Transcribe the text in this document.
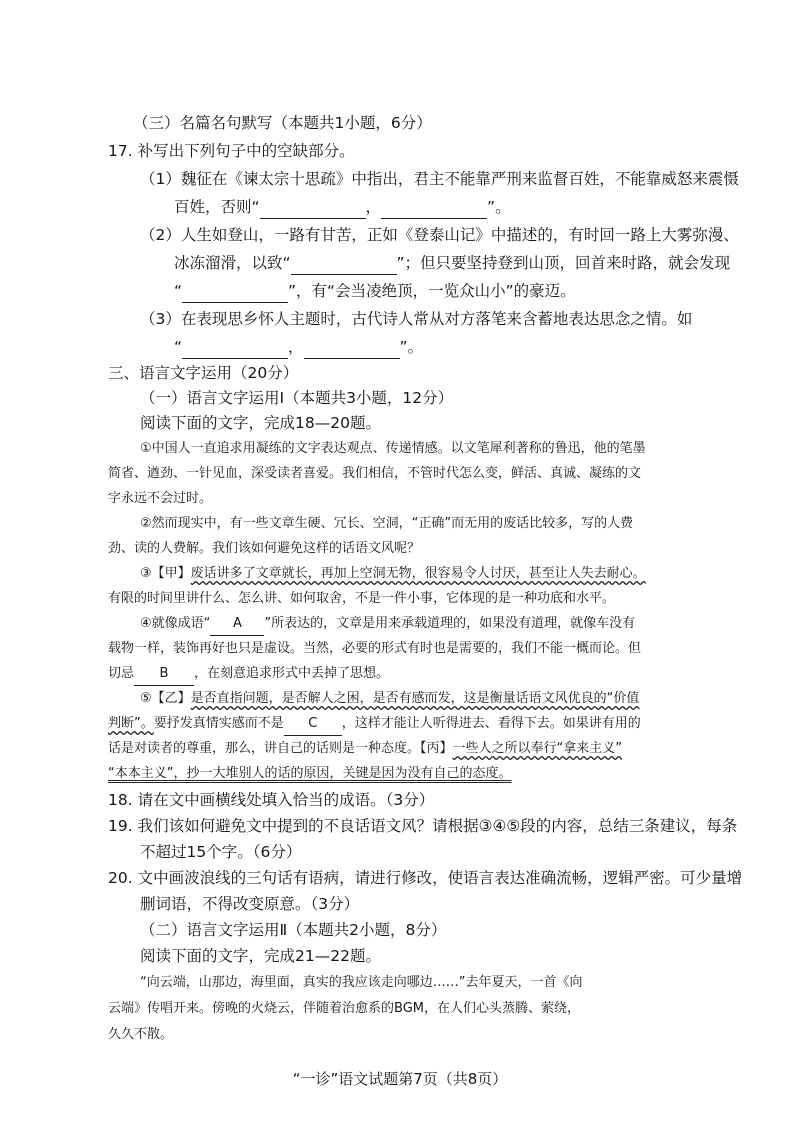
（三）名篇名句默写（本题共1小题，6分）
17. 补写出下列句子中的空缺部分。
（1）魏征在《谏太宗十思疏》中指出，君主不能靠严刑来监督百姓，不能靠威怒来震慑
百姓，否则“	，	”。
（2）人生如登山，一路有甘苦，正如《登泰山记》中描述的，有时回一路上大雾弥漫、
冰冻溜滑，以致“	”；但只要坚持登到山顶，回首来时路，就会发现
“	”，有“会当凌绝顶，一览众山小”的豪迈。
（3）在表现思乡怀人主题时，古代诗人常从对方落笔来含蓄地表达思念之情。如
“	，	”。
三、语言文字运用（20分）
（一）语言文字运用Ⅰ（本题共3小题，12分）
阅读下面的文字，完成18—20题。
①中国人一直追求用凝练的文字表达观点、传递情感。以文笔犀利著称的鲁迅，他的笔墨
简省、遒劲、一针见血，深受读者喜爱。我们相信，不管时代怎么变，鲜活、真诚、凝练的文
字永远不会过时。
②然而现实中，有一些文章生硬、冗长、空洞，“正确”而无用的废话比较多，写的人费
劲、读的人费解。我们该如何避免这样的话语文风呢？
③【甲】废话讲多了文章就长，再加上空洞无物，很容易令人讨厌，甚至让人失去耐心。
有限的时间里讲什么、怎么讲、如何取舍，不是一件小事，它体现的是一种功底和水平。
④就像成语“ A ”所表达的，文章是用来承载道理的，如果没有道理，就像车没有
载物一样，装饰再好也只是虚设。当然，必要的形式有时也是需要的，我们不能一概而论。但
切忌 B ，在刻意追求形式中丢掉了思想。
⑤【乙】是否直指问题，是否解人之困，是否有感而发，这是衡量话语文风优良的“价值
判断”。要抒发真情实感而不是 C ，这样才能让人听得进去、看得下去。如果讲有用的
话是对读者的尊重，那么，讲自己的话则是一种态度。【丙】一些人之所以奉行“拿来主义”
“本本主义”，抄一大堆别人的话的原因，关键是因为没有自己的态度。
18. 请在文中画横线处填入恰当的成语。（3分）
19. 我们该如何避免文中提到的不良话语文风？请根据③④⑤段的内容，总结三条建议，每条
不超过15个字。（6分）
20. 文中画波浪线的三句话有语病，请进行修改，使语言表达准确流畅，逻辑严密。可少量增
删词语，不得改变原意。（3分）
（二）语言文字运用Ⅱ（本题共2小题，8分）
阅读下面的文字，完成21—22题。
“向云端，山那边，海里面，真实的我应该走向哪边……”去年夏天，一首《向
云端》传唱开来。傍晚的火烧云，伴随着治愈系的BGM，在人们心头蒸腾、萦绕，
久久不散。
“一诊”语文试题第7页（共8页）
